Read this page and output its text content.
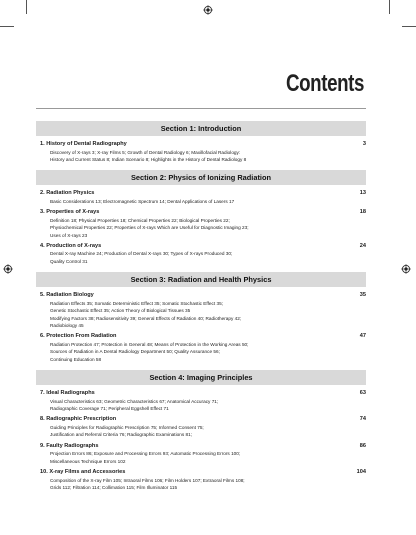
Contents
Section 1: Introduction
1. History of Dental Radiography	3
Discovery of X-rays 3; X-ray Films 5; Growth of Dental Radiology 6; Maxillofacial Radiology:
History and Current Status 8; Indian Scenario 8; Highlights in the History of Dental Radiology 8
Section 2: Physics of Ionizing Radiation
2. Radiation Physics	13
Basic Considerations 13; Electromagnetic Spectrum 14; Dental Applications of Lasers 17
3. Properties of X-rays	18
Definition 18; Physical Properties 18; Chemical Properties 22; Biological Properties 22;
Physiochemical Properties 22; Properties of X-rays Which are Useful for Diagnostic Imaging 23;
Uses of X-rays 23
4. Production of X-rays	24
Dental X-ray Machine 24; Production of Dental X-rays 30; Types of X-rays Produced 30;
Quality Control 31
Section 3: Radiation and Health Physics
5. Radiation Biology	35
Radiation Effects 35; Somatic Deterministic Effect 35; Somatic Stochastic Effect 35;
Genetic Stochastic Effect 35; Action Theory of Biological Tissues 35
Modifying Factors 38; Radiosensitivity 39; General Effects of Radiation 40; Radiotherapy 42;
Radiobiology 45
6. Protection From Radiation	47
Radiation Protection 47; Protection in General 48; Means of Protection in the Working Areas 50;
Sources of Radiation in A Dental Radiology Department 50; Quality Assurance 56;
Continuing Education 58
Section 4: Imaging Principles
7. Ideal Radiographs	63
Visual Characteristics 63; Geometric Characteristics 67; Anatomical Accuracy 71;
Radiographic Coverage 71; Peripheral Eggshell Effect 71
8. Radiographic Prescription	74
Guiding Principles for Radiographic Prescription 75; Informed Consent 75;
Justification and Referral Criteria 76; Radiographic Examinations 81;
9. Faulty Radiographs	86
Projection Errors 86; Exposure and Processing Errors 93; Automatic Processing Errors 100;
Miscellaneous Technique Errors 102
10. X-ray Films and Accessories	104
Composition of the X-ray Film 105; Intraoral Films 106; Film Holders 107; Extraoral Films 108;
Grids 112; Filtration 114; Collimation 115; Film Illuminator 115
